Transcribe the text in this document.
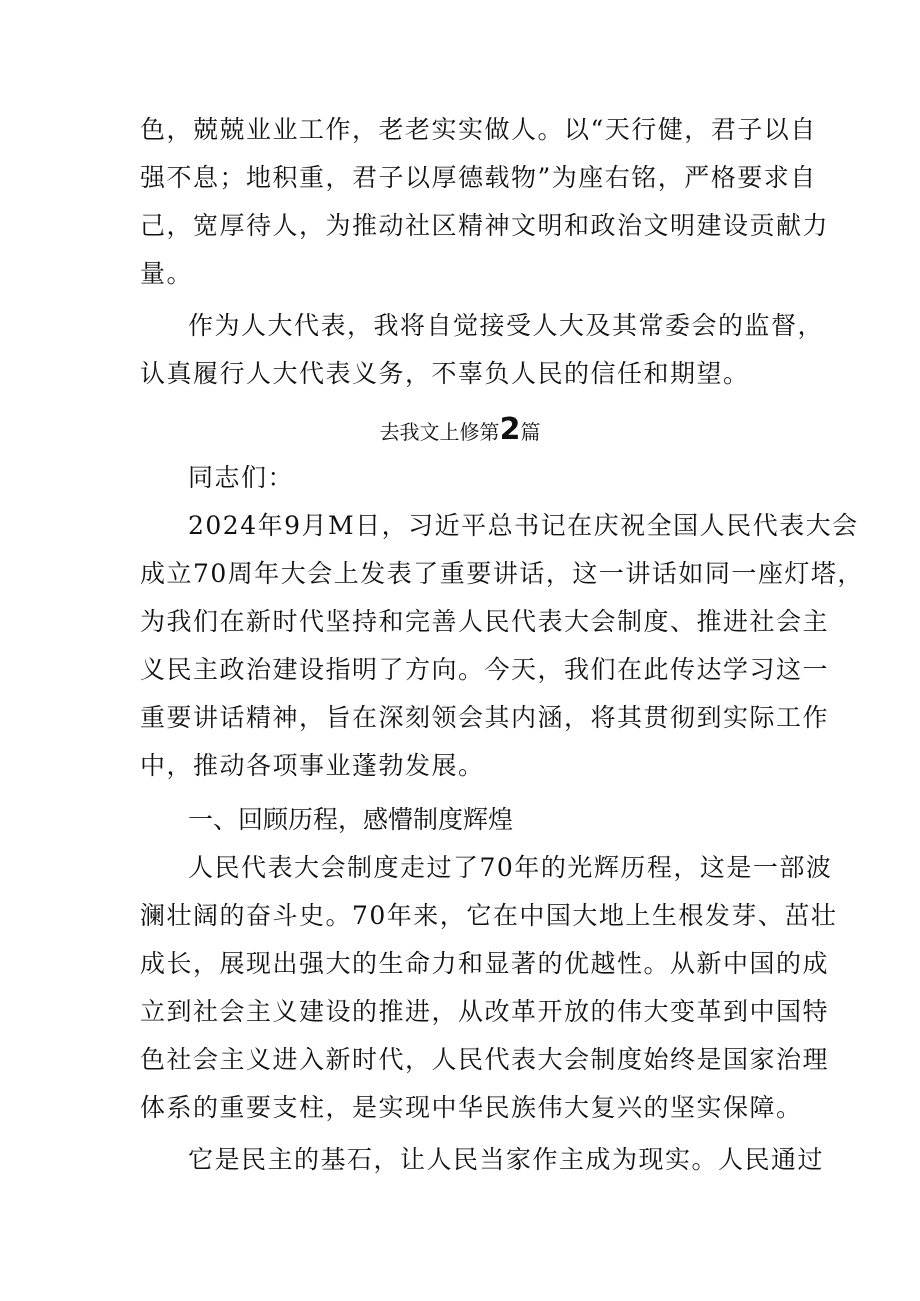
色，兢兢业业工作，老老实实做人。以“天行健，君子以自
强不息；地积重，君子以厚德载物”为座右铭，严格要求自
己，宽厚待人，为推动社区精神文明和政治文明建设贡献力
量。
作为人大代表，我将自觉接受人大及其常委会的监督，
认真履行人大代表义务，不辜负人民的信任和期望。
去我文上修第2篇
同志们：
2024年9月M日，习近平总书记在庆祝全国人民代表大会
成立70周年大会上发表了重要讲话，这一讲话如同一座灯塔，
为我们在新时代坚持和完善人民代表大会制度、推进社会主
义民主政治建设指明了方向。今天，我们在此传达学习这一
重要讲话精神，旨在深刻领会其内涵，将其贯彻到实际工作
中，推动各项事业蓬勃发展。
一、回顾历程，感懵制度辉煌
人民代表大会制度走过了70年的光辉历程，这是一部波
澜壮阔的奋斗史。70年来，它在中国大地上生根发芽、茁壮
成长，展现出强大的生命力和显著的优越性。从新中国的成
立到社会主义建设的推进，从改革开放的伟大变革到中国特
色社会主义进入新时代，人民代表大会制度始终是国家治理
体系的重要支柱，是实现中华民族伟大复兴的坚实保障。
它是民主的基石，让人民当家作主成为现实。人民通过
